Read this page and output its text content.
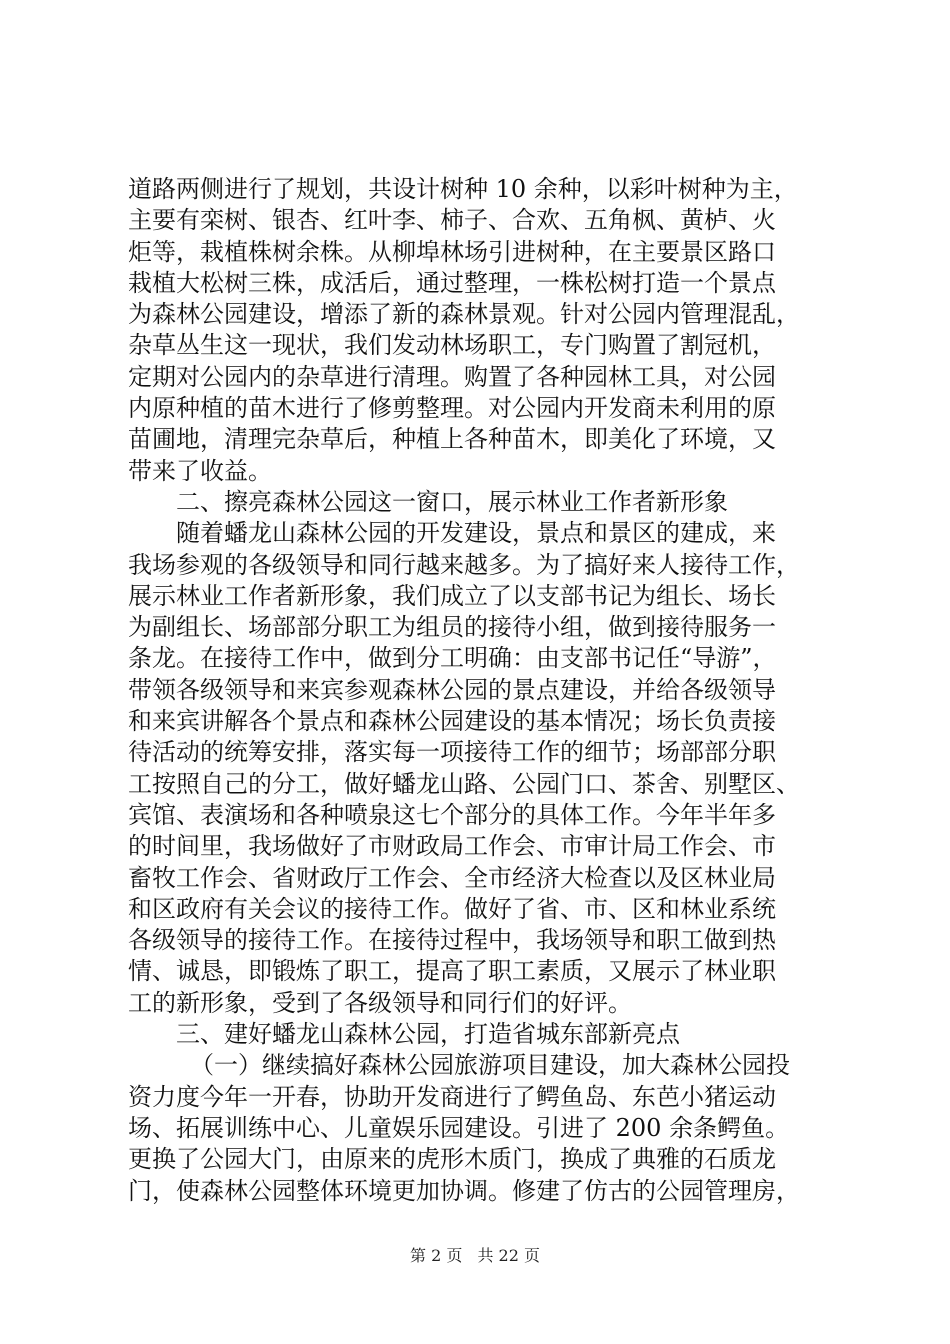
道路两侧进行了规划，共设计树种 10 余种，以彩叶树种为主，
主要有栾树、银杏、红叶李、柿子、合欢、五角枫、黄栌、火
炬等，栽植株树余株。从柳埠林场引进树种，在主要景区路口
栽植大松树三株，成活后，通过整理，一株松树打造一个景点
为森林公园建设，增添了新的森林景观。针对公园内管理混乱，
杂草丛生这一现状，我们发动林场职工，专门购置了割冠机，
定期对公园内的杂草进行清理。购置了各种园林工具，对公园
内原种植的苗木进行了修剪整理。对公园内开发商未利用的原
苗圃地，清理完杂草后，种植上各种苗木，即美化了环境，又
带来了收益。
二、擦亮森林公园这一窗口，展示林业工作者新形象
随着蟠龙山森林公园的开发建设，景点和景区的建成，来
我场参观的各级领导和同行越来越多。为了搞好来人接待工作，
展示林业工作者新形象，我们成立了以支部书记为组长、场长
为副组长、场部部分职工为组员的接待小组，做到接待服务一
条龙。在接待工作中，做到分工明确：由支部书记任“导游”，
带领各级领导和来宾参观森林公园的景点建设，并给各级领导
和来宾讲解各个景点和森林公园建设的基本情况；场长负责接
待活动的统筹安排，落实每一项接待工作的细节；场部部分职
工按照自己的分工，做好蟠龙山路、公园门口、茶舍、别墅区、
宾馆、表演场和各种喷泉这七个部分的具体工作。今年半年多
的时间里，我场做好了市财政局工作会、市审计局工作会、市
畜牧工作会、省财政厅工作会、全市经济大检查以及区林业局
和区政府有关会议的接待工作。做好了省、市、区和林业系统
各级领导的接待工作。在接待过程中，我场领导和职工做到热
情、诚恳，即锻炼了职工，提高了职工素质，又展示了林业职
工的新形象，受到了各级领导和同行们的好评。
三、建好蟠龙山森林公园，打造省城东部新亮点
（一）继续搞好森林公园旅游项目建设，加大森林公园投
资力度今年一开春，协助开发商进行了鳄鱼岛、东芭小猪运动
场、拓展训练中心、儿童娱乐园建设。引进了 200 余条鳄鱼。
更换了公园大门，由原来的虎形木质门，换成了典雅的石质龙
门，使森林公园整体环境更加协调。修建了仿古的公园管理房，
第 2 页 共 22 页
